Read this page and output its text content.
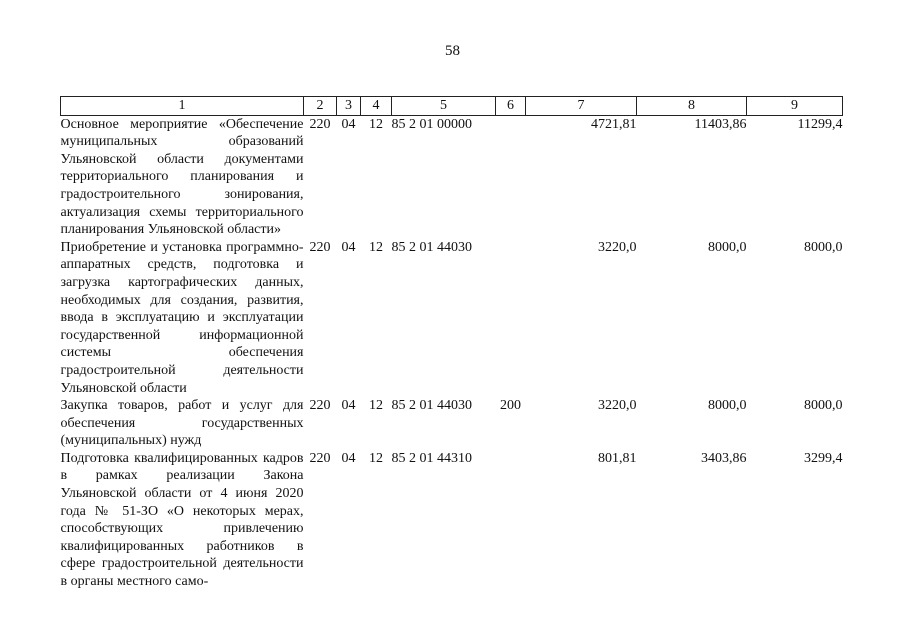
58
1	2	3	4	5	6	7	8	9
Основное мероприятие «Обеспечение муниципальных образований Ульяновской области документами территориального планирования и градостроительного зонирования, актуализация схемы территориального планирования Ульяновской области»	220	04	12	85 2 01 00000		4721,81	11403,86	11299,4
Приобретение и установка программно-аппаратных средств, подготовка и загрузка картографических данных, необходимых для создания, развития, ввода в эксплуатацию и эксплуатации государственной информационной системы обеспечения градостроительной деятельности Ульяновской области	220	04	12	85 2 01 44030		3220,0	8000,0	8000,0
Закупка товаров, работ и услуг для обеспечения государственных (муниципальных) нужд	220	04	12	85 2 01 44030	200	3220,0	8000,0	8000,0
Подготовка квалифицированных кадров в рамках реализации Закона Ульяновской области от 4 июня 2020 года № 51-ЗО «О некоторых мерах, способствующих привлечению квалифицированных работников в сфере градостроительной деятельности в органы местного само-	220	04	12	85 2 01 44310		801,81	3403,86	3299,4
